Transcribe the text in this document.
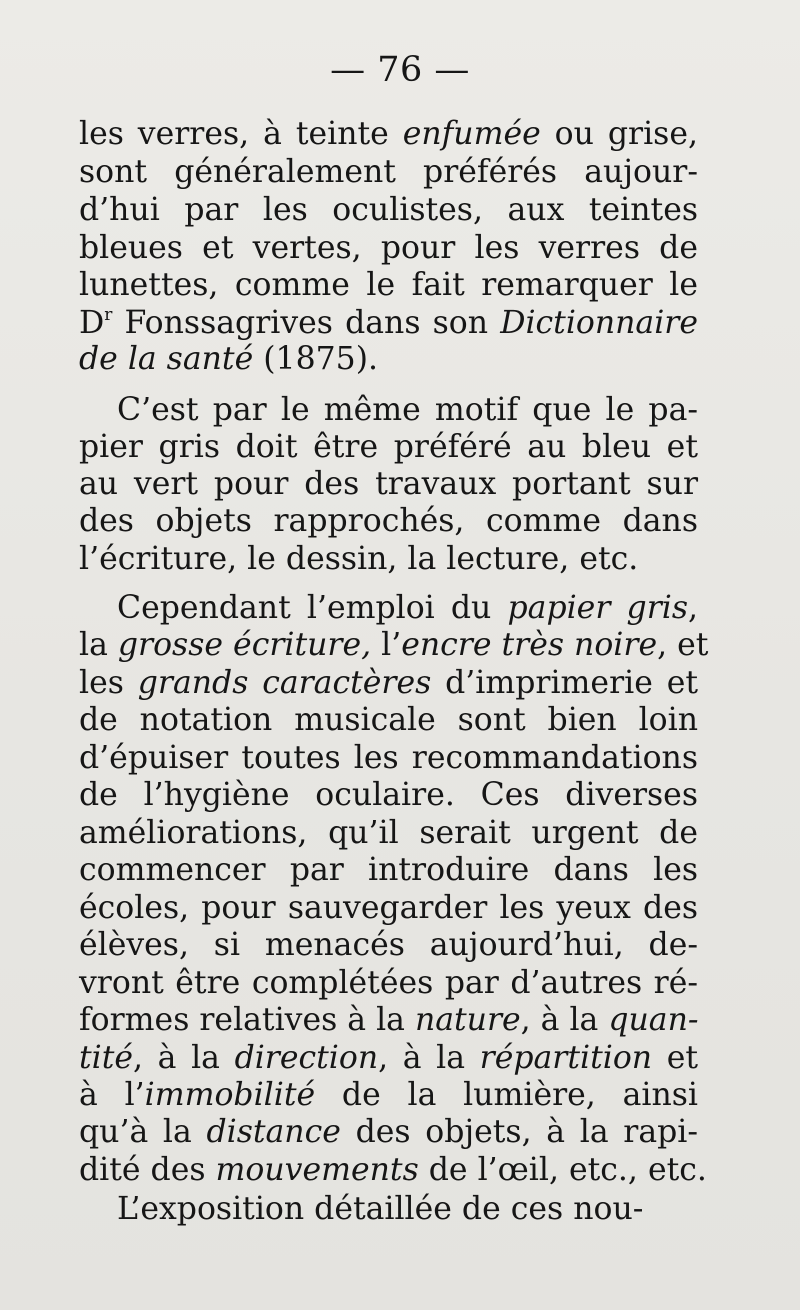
— 76 —
les verres, à teinte enfumée ou grise,
sont généralement préférés aujour-
d’hui par les oculistes, aux teintes
bleues et vertes, pour les verres de
lunettes, comme le fait remarquer le
$D^r$ Fonssagrives dans son Dictionnaire
de la santé (1875).
C’est par le même motif que le pa-
pier gris doit être préféré au bleu et
au vert pour des travaux portant sur
des objets rapprochés, comme dans
l’écriture, le dessin, la lecture, etc.
Cependant l’emploi du papier gris,
la grosse écriture, l’encre très noire, et
les grands caractères d’imprimerie et
de notation musicale sont bien loin
d’épuiser toutes les recommandations
de l’hygiène oculaire. Ces diverses
améliorations, qu’il serait urgent de
commencer par introduire dans les
écoles, pour sauvegarder les yeux des
élèves, si menacés aujourd’hui, de-
vront être complétées par d’autres ré-
formes relatives à la nature, à la quan-
tité, à la direction, à la répartition et
à l’immobilité de la lumière, ainsi
qu’à la distance des objets, à la rapi-
dité des mouvements de l’œil, etc., etc.
L’exposition détaillée de ces nou-
